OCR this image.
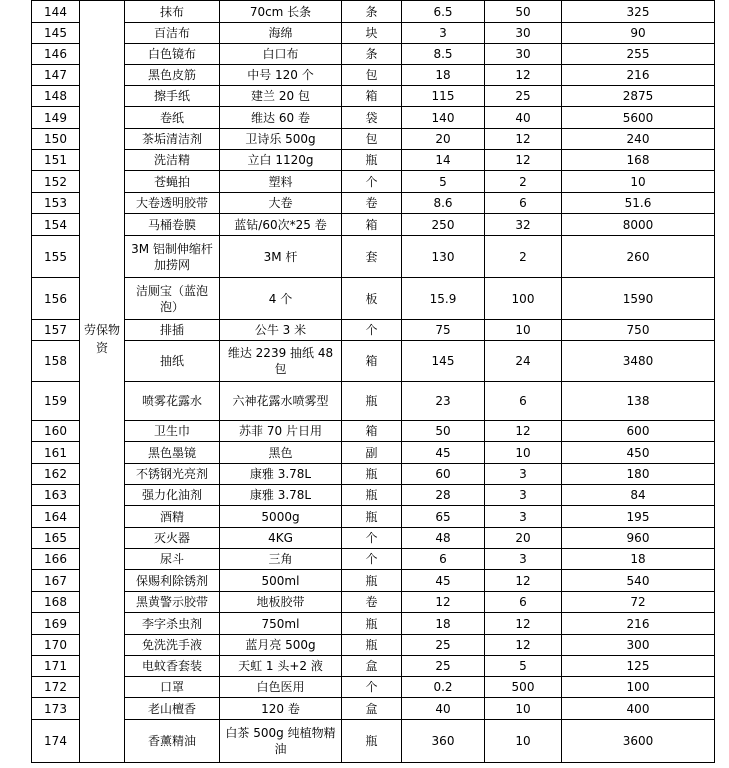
144	劳保物资	抹布	70cm 长条	条	6.5	50	325
145		百洁布	海绵	块	3	30	90
146		白色镜布	白口布	条	8.5	30	255
147		黑色皮筋	中号 120 个	包	18	12	216
148		擦手纸	建兰 20 包	箱	115	25	2875
149		卷纸	维达 60 卷	袋	140	40	5600
150		茶垢清洁剂	卫诗乐 500g	包	20	12	240
151		洗洁精	立白 1120g	瓶	14	12	168
152		苍蝇拍	塑料	个	5	2	10
153		大卷透明胶带	大卷	卷	8.6	6	51.6
154		马桶卷膜	蓝钻/60次*25 卷	箱	250	32	8000
155		3M 铝制伸缩杆加捞网	3M 杆	套	130	2	260
156		洁厕宝（蓝泡泡）	4 个	板	15.9	100	1590
157		排插	公牛 3 米	个	75	10	750
158		抽纸	维达 2239 抽纸 48 包	箱	145	24	3480
159		喷雾花露水	六神花露水喷雾型	瓶	23	6	138
160		卫生巾	苏菲 70 片日用	箱	50	12	600
161		黑色墨镜	黑色	副	45	10	450
162		不锈钢光亮剂	康雅 3.78L	瓶	60	3	180
163		强力化油剂	康雅 3.78L	瓶	28	3	84
164		酒精	5000g	瓶	65	3	195
165		灭火器	4KG	个	48	20	960
166		尿斗	三角	个	6	3	18
167		保赐利除锈剂	500ml	瓶	45	12	540
168		黑黄警示胶带	地板胶带	卷	12	6	72
169		李字杀虫剂	750ml	瓶	18	12	216
170		免洗洗手液	蓝月亮 500g	瓶	25	12	300
171		电蚊香套装	天虹 1 头+2 液	盒	25	5	125
172		口罩	白色医用	个	0.2	500	100
173		老山檀香	120 卷	盒	40	10	400
174		香薰精油	白茶 500g 纯植物精油	瓶	360	10	3600
